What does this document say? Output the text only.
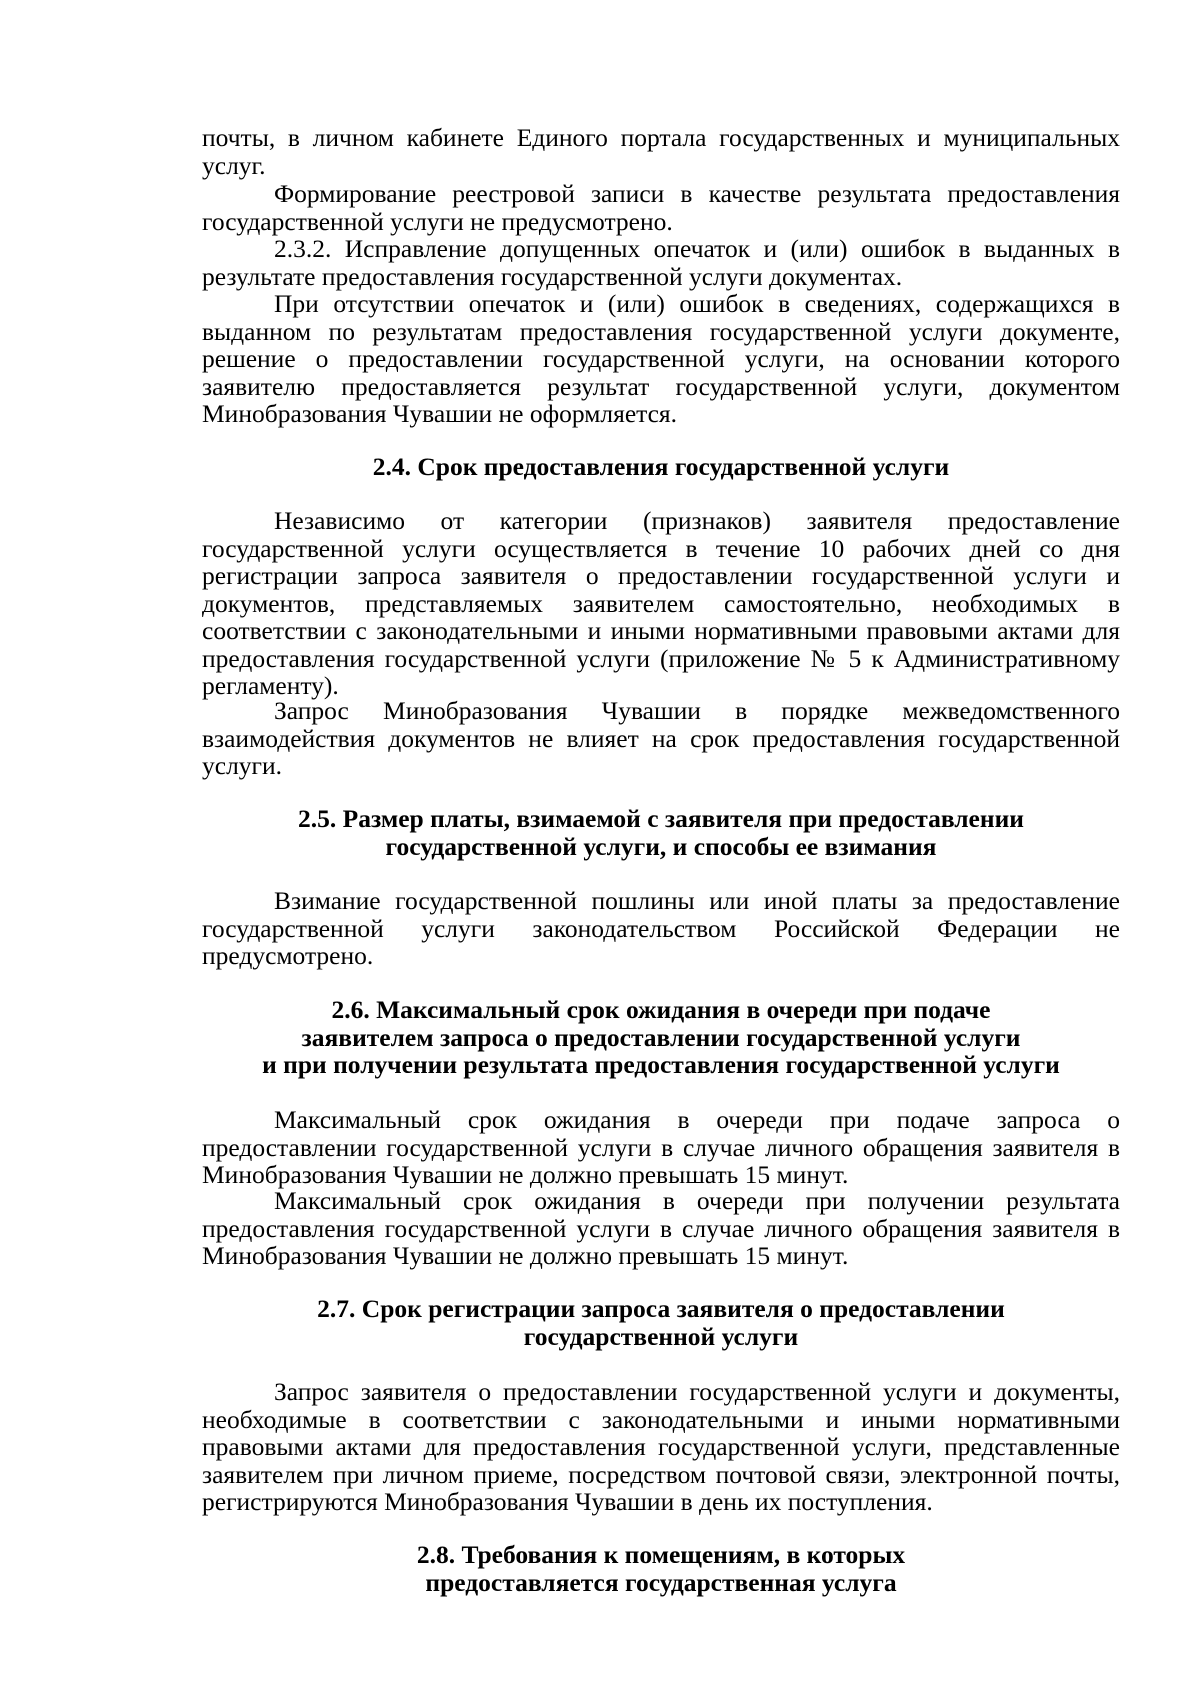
почты, в личном кабинете Единого портала государственных и муниципальных услуг.

Формирование реестровой записи в качестве результата предоставления государственной услуги не предусмотрено.

2.3.2. Исправление допущенных опечаток и (или) ошибок в выданных в результате предоставления государственной услуги документах.

При отсутствии опечаток и (или) ошибок в сведениях, содержащихся в выданном по результатам предоставления государственной услуги документе, решение о предоставлении государственной услуги, на основании которого заявителю предоставляется результат государственной услуги, документом Минобразования Чувашии не оформляется.

2.4. Срок предоставления государственной услуги

Независимо от категории (признаков) заявителя предоставление государственной услуги осуществляется в течение 10 рабочих дней со дня регистрации запроса заявителя о предоставлении государственной услуги и документов, представляемых заявителем самостоятельно, необходимых в соответствии с законодательными и иными нормативными правовыми актами для предоставления государственной услуги (приложение № 5 к Административному регламенту).

Запрос Минобразования Чувашии в порядке межведомственного взаимодействия документов не влияет на срок предоставления государственной услуги.

2.5. Размер платы, взимаемой с заявителя при предоставлении

государственной услуги, и способы ее взимания

Взимание государственной пошлины или иной платы за предоставление государственной услуги законодательством Российской Федерации не предусмотрено.

2.6. Максимальный срок ожидания в очереди при подаче

заявителем запроса о предоставлении государственной услуги

и при получении результата предоставления государственной услуги

Максимальный срок ожидания в очереди при подаче запроса о предоставлении государственной услуги в случае личного обращения заявителя в Минобразования Чувашии не должно превышать 15 минут.

Максимальный срок ожидания в очереди при получении результата предоставления государственной услуги в случае личного обращения заявителя в Минобразования Чувашии не должно превышать 15 минут.

2.7. Срок регистрации запроса заявителя о предоставлении

государственной услуги

Запрос заявителя о предоставлении государственной услуги и документы, необходимые в соответствии с законодательными и иными нормативными правовыми актами для предоставления государственной услуги, представленные заявителем при личном приеме, посредством почтовой связи, электронной почты, регистрируются Минобразования Чувашии в день их поступления.

2.8. Требования к помещениям, в которых

предоставляется государственная услуга
